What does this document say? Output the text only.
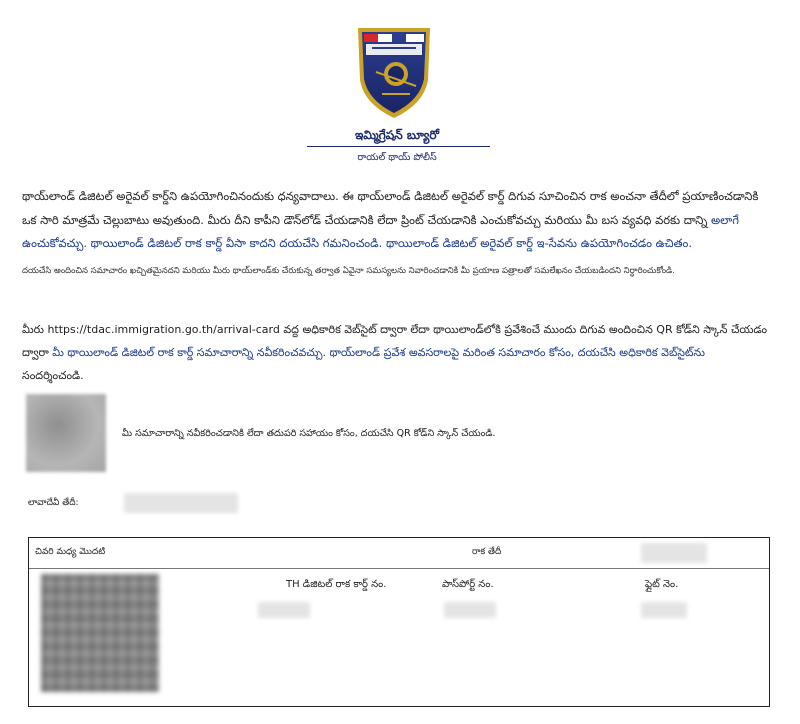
ఇమ్మిగ్రేషన్ బ్యూరో
రాయల్ థాయ్ పోలీస్

థాయ్‌లాండ్ డిజిటల్ అరైవల్ కార్డ్‌ని ఉపయోగించినందుకు ధన్యవాదాలు. ఈ థాయ్‌లాండ్ డిజిటల్ అరైవల్ కార్డ్ దిగువ సూచించిన రాక అంచనా తేదీలో ప్రయాణించడానికి ఒక సారి మాత్రమే చెల్లుబాటు అవుతుంది. మీరు దీని కాపీని డౌన్‌లోడ్ చేయడానికి లేదా ప్రింట్ చేయడానికి ఎంచుకోవచ్చు మరియు మీ బస వ్యవధి వరకు దాన్ని అలాగే ఉంచుకోవచ్చు. థాయిలాండ్ డిజిటల్ రాక కార్డ్ వీసా కాదని దయచేసి గమనించండి. థాయిలాండ్ డిజిటల్ అరైవల్ కార్డ్ ఇ-సేవను ఉపయోగించడం ఉచితం.

దయచేసి అందించిన సమాచారం ఖచ్చితమైనదని మరియు మీరు థాయ్‌లాండ్‌కు చేరుకున్న తర్వాత ఏవైనా సమస్యలను నివారించడానికి మీ ప్రయాణ పత్రాలతో సమలేఖనం చేయబడిందని నిర్ధారించుకోండి.

మీరు https://tdac.immigration.go.th/arrival-card వద్ద అధికారిక వెబ్‌సైట్ ద్వారా లేదా థాయిలాండ్‌లోకి ప్రవేశించే ముందు దిగువ అందించిన QR కోడ్‌ని స్కాన్ చేయడం ద్వారా మీ థాయిలాండ్ డిజిటల్ రాక కార్డ్ సమాచారాన్ని నవీకరించవచ్చు. థాయ్‌లాండ్ ప్రవేశ అవసరాలపై మరింత సమాచారం కోసం, దయచేసి అధికారిక వెబ్‌సైట్‌ను
సందర్శించండి.

మీ సమాచారాన్ని నవీకరించడానికి లేదా తదుపరి సహాయం కోసం, దయచేసి QR కోడ్‌ని స్కాన్ చేయండి.
లావాదేవీ తేదీ:
చివరి మధ్య మొదటి	రాక తేదీ
TH డిజిటల్ రాక కార్డ్ నం.	పాస్‌పోర్ట్ నం.	ఫ్లైట్ నెం.
